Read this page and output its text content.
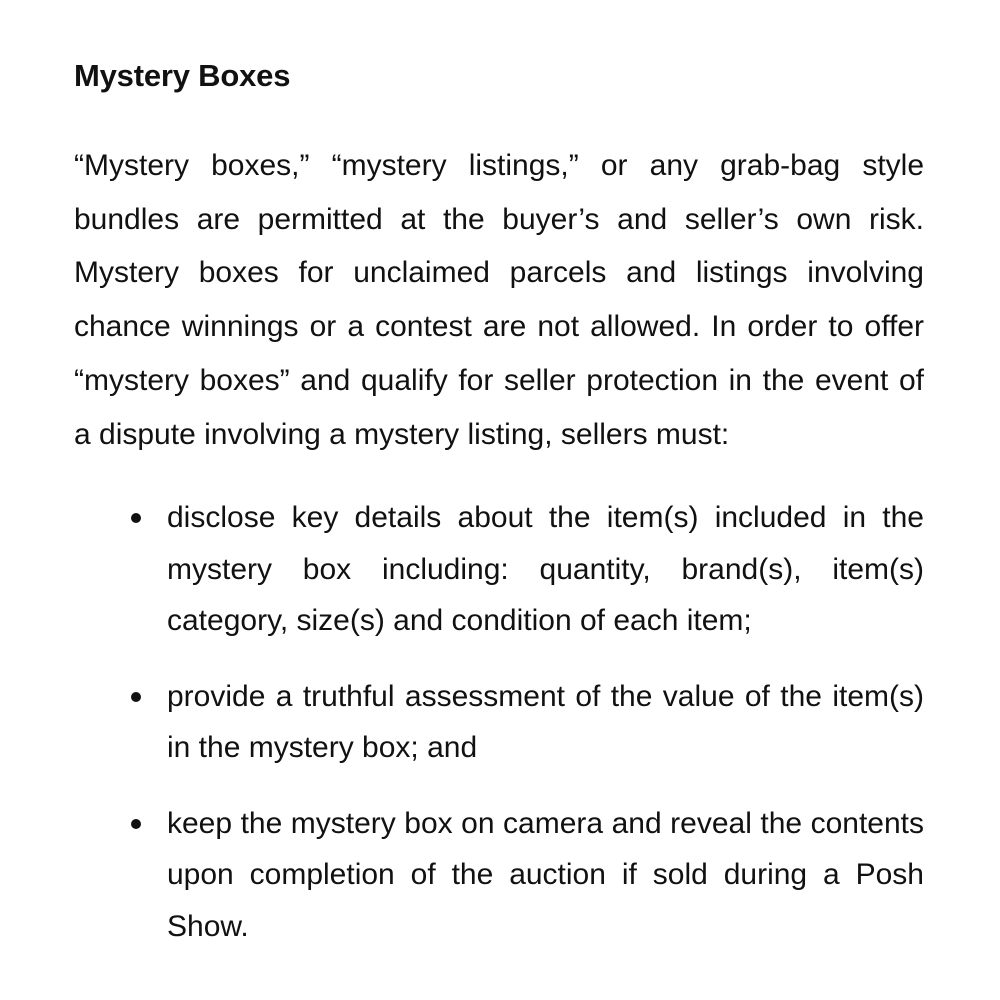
Mystery Boxes

“Mystery boxes,” “mystery listings,” or any grab-bag style bundles are permitted at the buyer’s and seller’s own risk. Mystery boxes for unclaimed parcels and listings involving chance winnings or a contest are not allowed. In order to offer “mystery boxes” and qualify for seller protection in the event of a dispute involving a mystery listing, sellers must:

disclose key details about the item(s) included in the mystery box including: quantity, brand(s), item(s) category, size(s) and condition of each item;
provide a truthful assessment of the value of the item(s) in the mystery box; and
keep the mystery box on camera and reveal the contents upon completion of the auction if sold during a Posh Show.
